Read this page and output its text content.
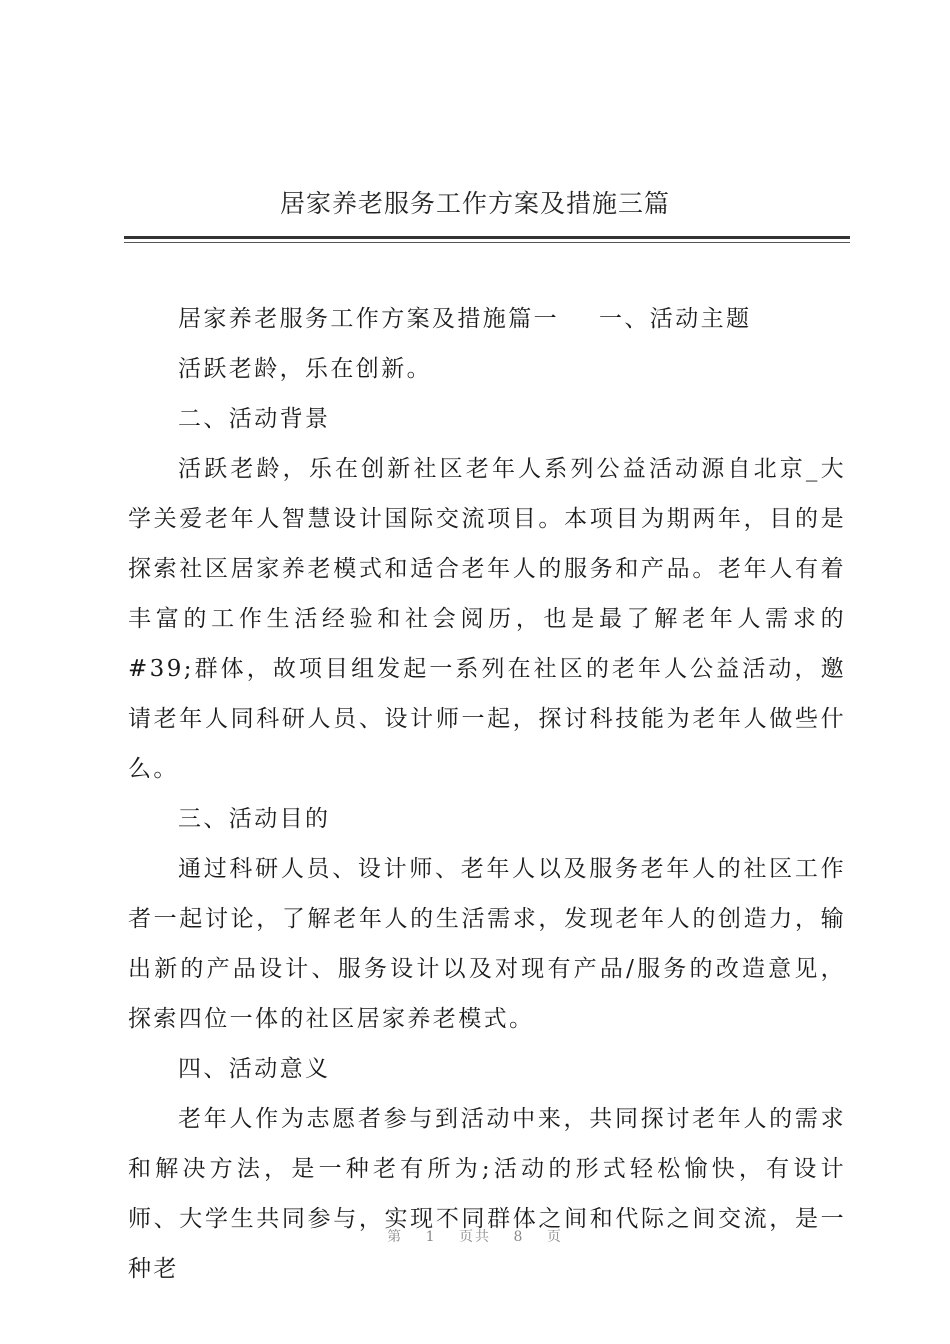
居家养老服务工作方案及措施三篇

居家养老服务工作方案及措施篇一 一、活动主题

活跃老龄，乐在创新。

二、活动背景

活跃老龄，乐在创新社区老年人系列公益活动源自北京_大学关爱老年人智慧设计国际交流项目。本项目为期两年，目的是探索社区居家养老模式和适合老年人的服务和产品。老年人有着丰富的工作生活经验和社会阅历，也是最了解老年人需求的#39;群体，故项目组发起一系列在社区的老年人公益活动，邀请老年人同科研人员、设计师一起，探讨科技能为老年人做些什么。

三、活动目的

通过科研人员、设计师、老年人以及服务老年人的社区工作者一起讨论，了解老年人的生活需求，发现老年人的创造力，输出新的产品设计、服务设计以及对现有产品/服务的改造意见，探索四位一体的社区居家养老模式。

四、活动意义

老年人作为志愿者参与到活动中来，共同探讨老年人的需求和解决方法，是一种老有所为;活动的形式轻松愉快，有设计师、大学生共同参与，实现不同群体之间和代际之间交流，是一种老

第 1 页共 8 页
